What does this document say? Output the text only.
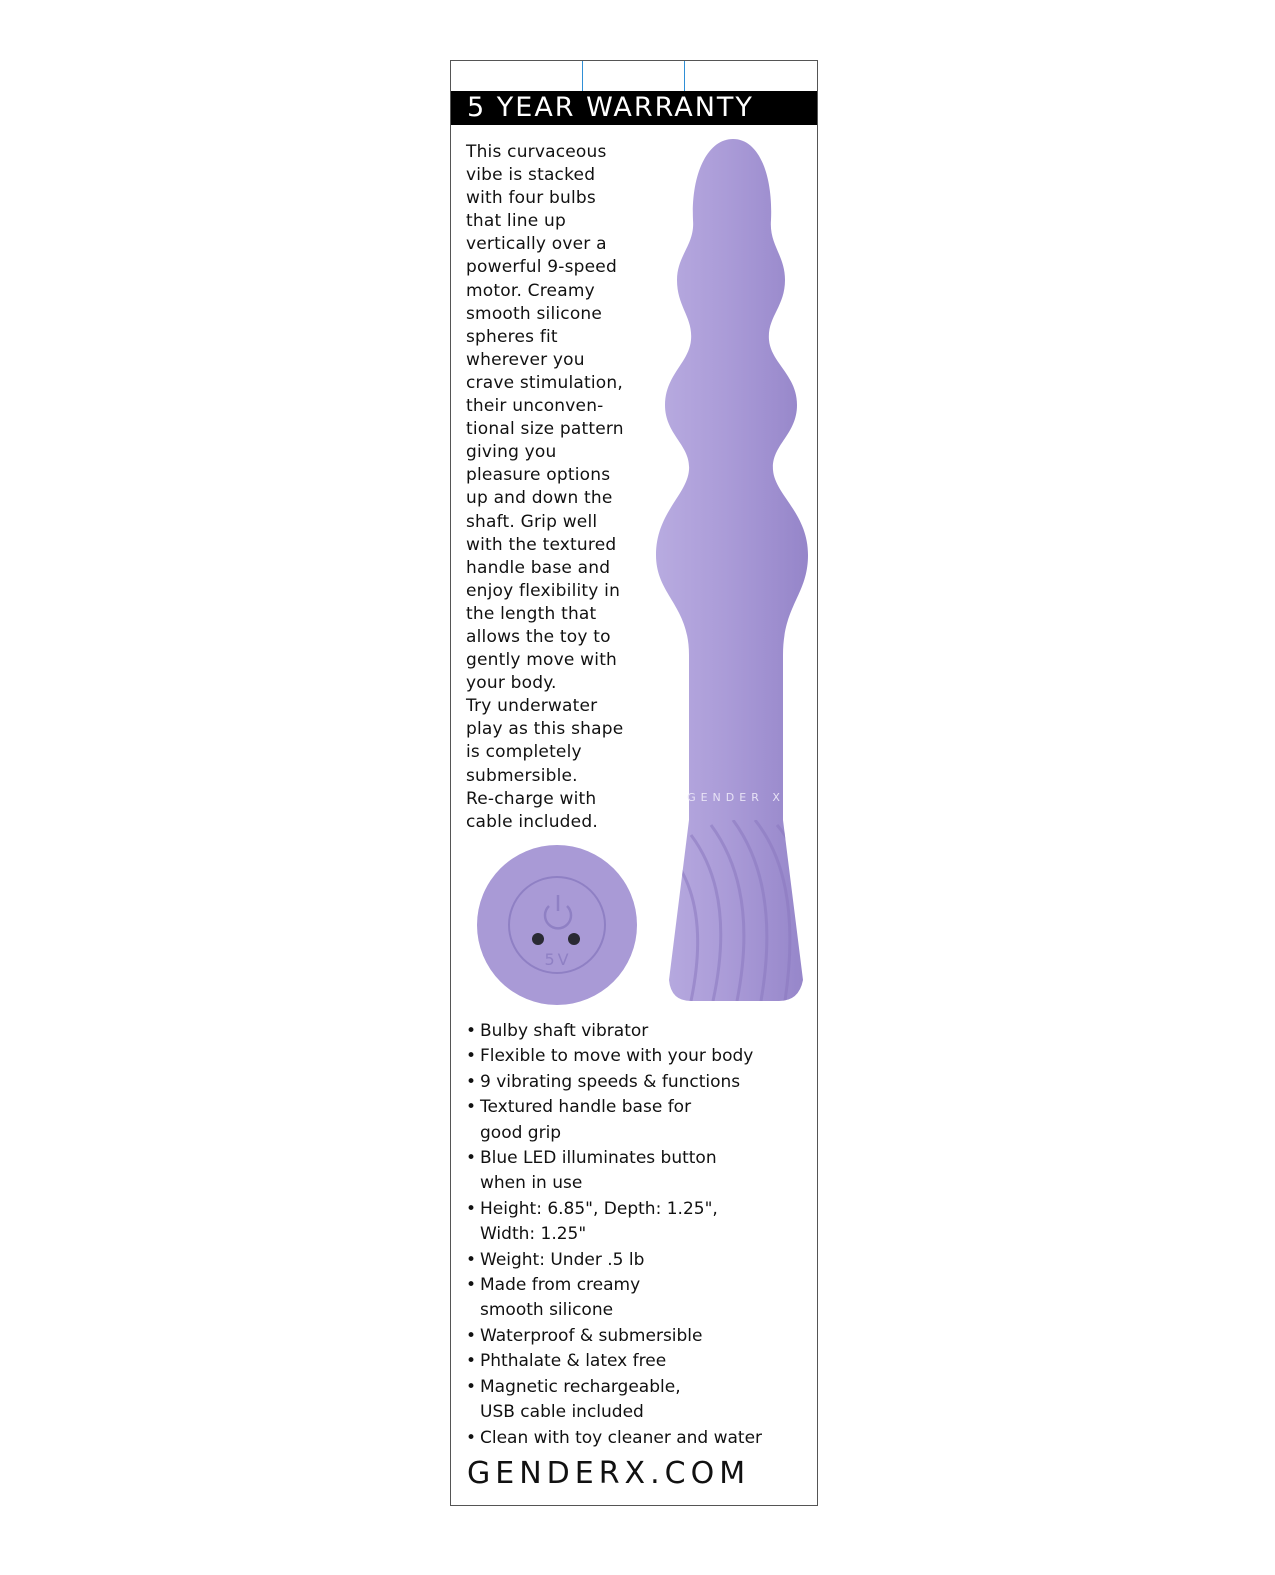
5 YEAR WARRANTY
This curvaceous
vibe is stacked
with four bulbs
that line up
vertically over a
powerful 9-speed
motor. Creamy
smooth silicone
spheres fit
wherever you
crave stimulation,
their unconven-
tional size pattern
giving you
pleasure options
up and down the
shaft. Grip well
with the textured
handle base and
enjoy flexibility in
the length that
allows the toy to
gently move with
your body.
Try underwater
play as this shape
is completely
submersible.
Re-charge with
cable included.
GENDER X
5V
• Bulby shaft vibrator
• Flexible to move with your body
• 9 vibrating speeds & functions
• Textured handle base for
good grip
• Blue LED illuminates button
when in use
• Height: 6.85", Depth: 1.25",
Width: 1.25"
• Weight: Under .5 lb
• Made from creamy
smooth silicone
• Waterproof & submersible
• Phthalate & latex free
• Magnetic rechargeable,
USB cable included
• Clean with toy cleaner and water
GENDERX.COM
